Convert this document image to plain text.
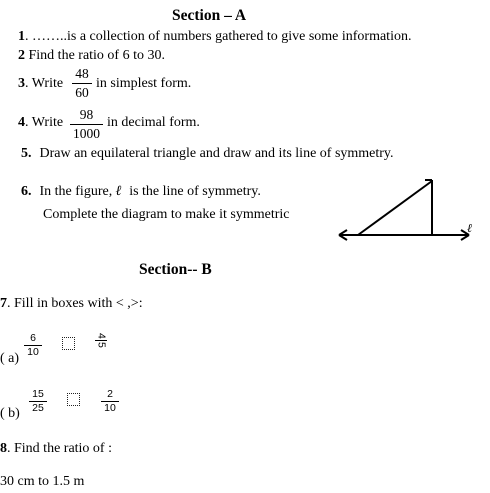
Section – A
1. ……..is a collection of numbers gathered to give some information.
2 Find the ratio of 6 to 30.
3. Write
48
60
in simplest form.
4. Write
98
1000
in decimal form.
5. Draw an equilateral triangle and draw and its line of symmetry.
6. In the figure, ℓ is the line of symmetry.
Complete the diagram to make it symmetric
ℓ
Section-- B
7. Fill in boxes with < ,>:
( a)
6
10
4
5
( b)
15
25
2
10
8. Find the ratio of :
30 cm to 1.5 m
